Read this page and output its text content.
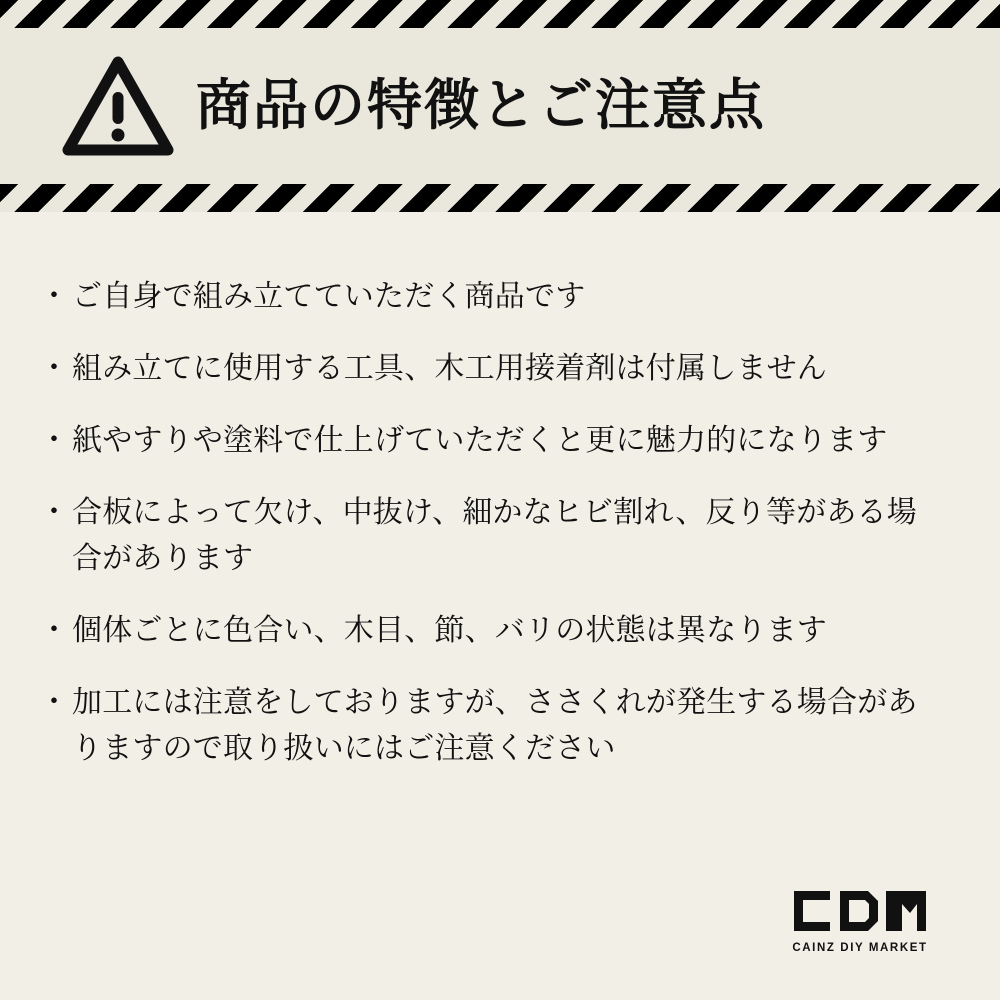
商品の特徴とご注意点
・ ご自身で組み立てていただく商品です
・ 組み立てに使用する工具、木工用接着剤は付属しません
・ 紙やすりや塗料で仕上げていただくと更に魅力的になります
・ 合板によって欠け、中抜け、細かなヒビ割れ、反り等がある場合があります
・ 個体ごとに色合い、木目、節、バリの状態は異なります
・ 加工には注意をしておりますが、ささくれが発生する場合がありますので取り扱いにはご注意ください
CAINZ DIY MARKET
